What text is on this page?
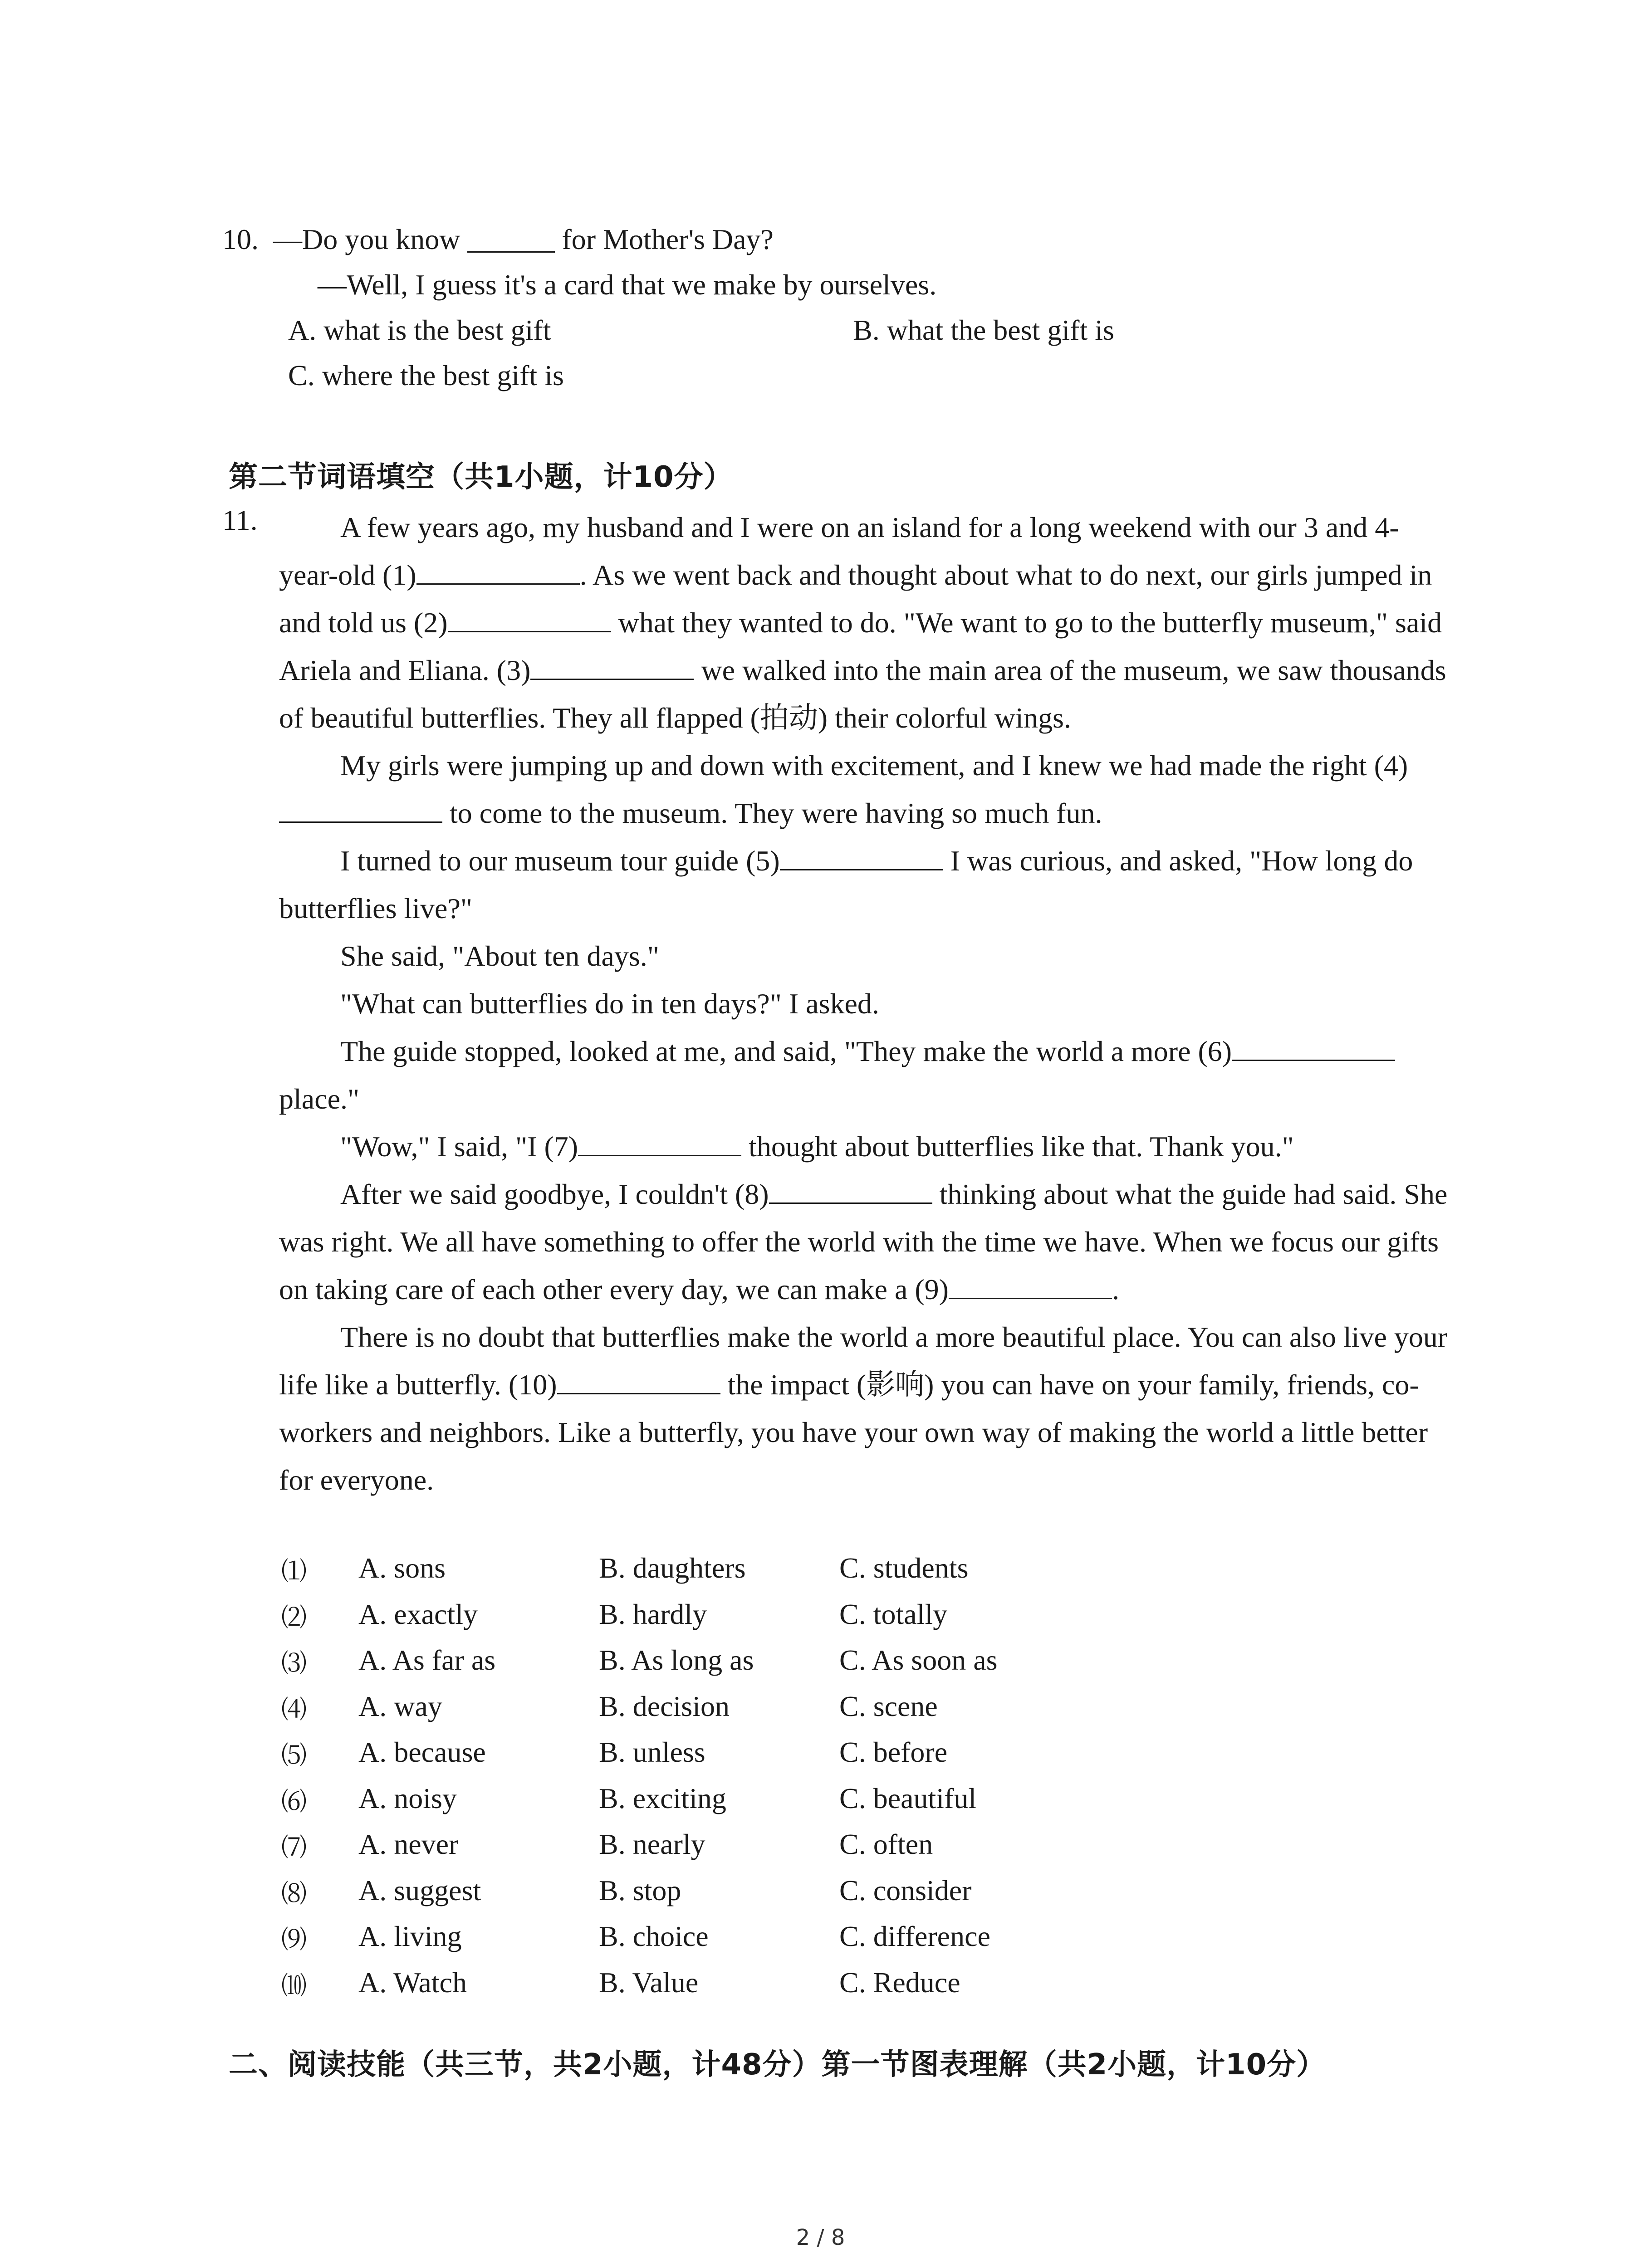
10.  —Do you know ______ for Mother's Day?
—Well, I guess it's a card that we make by ourselves.
A. what is the best gift	B. what the best gift is
C. where the best gift is
第二节词语填空（共1小题，计10分）
11.	A few years ago, my husband and I were on an island for a long weekend with our 3 and 4-year-old (1)	. As we went back and thought about what to do next, our girls jumped in and told us (2)	what they wanted to do. "We want to go to the butterfly museum," said Ariela and Eliana. (3)	we walked into the main area of the museum, we saw thousands of beautiful butterflies. They all flapped (拍动) their colorful wings.

My girls were jumping up and down with excitement, and I knew we had made the right (4) to come to the museum. They were having so much fun.

I turned to our museum tour guide (5)	I was curious, and asked, "How long do butterflies live?"

She said, "About ten days."

"What can butterflies do in ten days?" I asked.

The guide stopped, looked at me, and said, "They make the world a more (6) place."

"Wow," I said, "I (7)	thought about butterflies like that. Thank you."

After we said goodbye, I couldn't (8)	thinking about what the guide had said. She was right. We all have something to offer the world with the time we have. When we focus our gifts on taking care of each other every day, we can make a (9)	.

There is no doubt that butterflies make the world a more beautiful place. You can also live your life like a butterfly. (10)	the impact (影响) you can have on your family, friends, co-workers and neighbors. Like a butterfly, you have your own way of making the world a little better for everyone.

⑴ A. sons	B. daughters	C. students
⑵ A. exactly	B. hardly	C. totally
⑶ A. As far as	B. As long as	C. As soon as
⑷ A. way	B. decision	C. scene
⑸ A. because	B. unless	C. before
⑹ A. noisy	B. exciting	C. beautiful
⑺ A. never	B. nearly	C. often
⑻ A. suggest	B. stop	C. consider
⑼ A. living	B. choice	C. difference
⑽ A. Watch	B. Value	C. Reduce
二、阅读技能（共三节，共2小题，计48分）第一节图表理解（共2小题，计10分）
2 / 8
